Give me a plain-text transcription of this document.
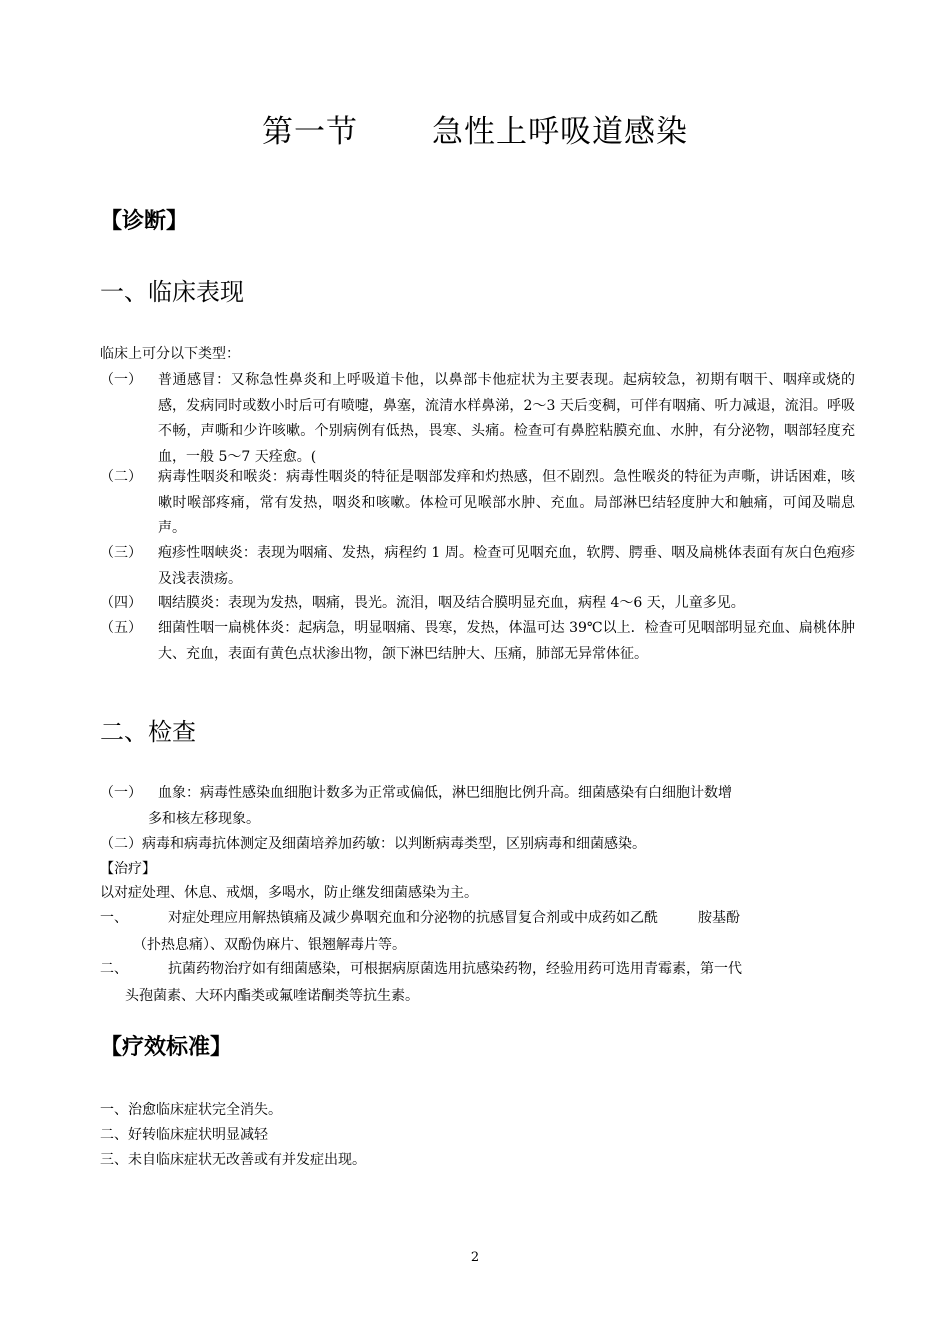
第一节 急性上呼吸道感染
【诊断】
一、临床表现
临床上可分以下类型：
（一）	普通感冒：又称急性鼻炎和上呼吸道卡他，以鼻部卡他症状为主要表现。起病较急，初期有咽干、咽痒或烧的感，发病同时或数小时后可有喷嚏，鼻塞，流清水样鼻涕，2～3 天后变稠，可伴有咽痛、听力减退，流泪。呼吸不畅，声嘶和少许咳嗽。个别病例有低热，畏寒、头痛。检查可有鼻腔粘膜充血、水肿，有分泌物，咽部轻度充血，一般 5～7 天痊愈。(
（二）	病毒性咽炎和喉炎：病毒性咽炎的特征是咽部发痒和灼热感，但不剧烈。急性喉炎的特征为声嘶，讲话困难，咳嗽时喉部疼痛，常有发热，咽炎和咳嗽。体检可见喉部水肿、充血。局部淋巴结轻度肿大和触痛，可闻及喘息声。
（三）	疱疹性咽峡炎：表现为咽痛、发热，病程约 1 周。检查可见咽充血，软腭、腭垂、咽及扁桃体表面有灰白色疱疹及浅表溃疡。
（四）	咽结膜炎：表现为发热，咽痛，畏光。流泪，咽及结合膜明显充血，病程 4～6 天，儿童多见。
（五）	细菌性咽一扁桃体炎：起病急，明显咽痛、畏寒，发热，体温可达 39℃以上．检查可见咽部明显充血、扁桃体肿大、充血，表面有黄色点状渗出物，颌下淋巴结肿大、压痛，肺部无异常体征。
二、检查
（一） 血象：病毒性感染血细胞计数多为正常或偏低，淋巴细胞比例升高。细菌感染有白细胞计数增
多和核左移现象。
（二）病毒和病毒抗体测定及细菌培养加药敏：以判断病毒类型，区别病毒和细菌感染。
【治疗】
以对症处理、休息、戒烟，多喝水，防止继发细菌感染为主。
一、	对症处理应用解热镇痛及减少鼻咽充血和分泌物的抗感冒复合剂或中成药如乙酰	胺基酚
（扑热息痛）、双酚伪麻片、银翘解毒片等。
二、	抗菌药物治疗如有细菌感染，可根据病原菌选用抗感染药物，经验用药可选用青霉素，第一代
头孢菌素、大环内酯类或氟喹诺酮类等抗生素。
【疗效标准】
一、治愈临床症状完全消失。
二、好转临床症状明显减轻
三、未自临床症状无改善或有并发症出现。
2
